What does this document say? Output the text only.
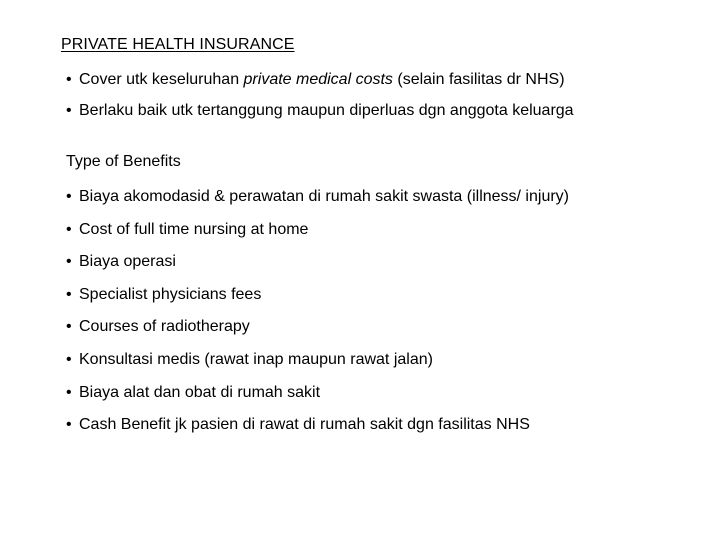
PRIVATE HEALTH INSURANCE
• Cover utk keseluruhan private medical costs (selain fasilitas dr NHS)
• Berlaku baik utk tertanggung maupun diperluas dgn anggota keluarga
Type of Benefits
• Biaya akomodasid & perawatan di rumah sakit swasta (illness/ injury)
• Cost of full time nursing at home
• Biaya operasi
• Specialist physicians fees
• Courses of radiotherapy
• Konsultasi medis (rawat inap maupun rawat jalan)
• Biaya alat dan obat di rumah sakit
• Cash Benefit jk pasien di rawat di rumah sakit dgn fasilitas NHS
